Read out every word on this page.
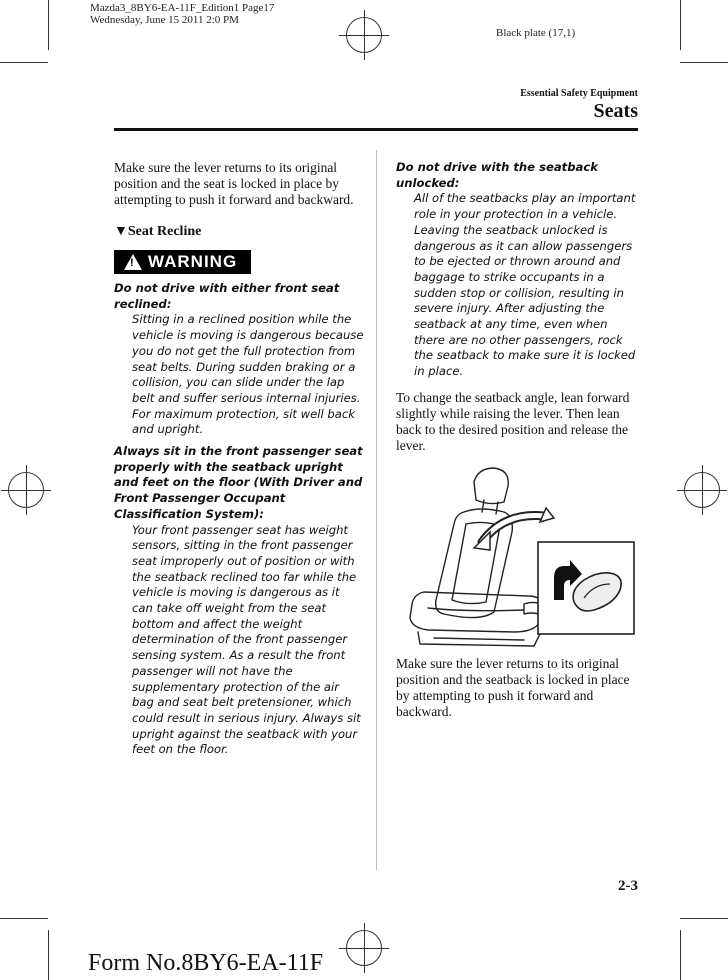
Mazda3_8BY6-EA-11F_Edition1 Page17
Wednesday, June 15 2011 2:0 PM
Black plate (17,1)
Essential Safety Equipment
Seats

Make sure the lever returns to its original position and the seat is locked in place by attempting to push it forward and backward.

▼Seat Recline
! WARNING

Do not drive with either front seat reclined:

Sitting in a reclined position while the vehicle is moving is dangerous because you do not get the full protection from seat belts. During sudden braking or a collision, you can slide under the lap belt and suffer serious internal injuries. For maximum protection, sit well back and upright.

Always sit in the front passenger seat properly with the seatback upright and feet on the floor (With Driver and Front Passenger Occupant Classification System):

Your front passenger seat has weight sensors, sitting in the front passenger seat improperly out of position or with the seatback reclined too far while the vehicle is moving is dangerous as it can take off weight from the seat bottom and affect the weight determination of the front passenger sensing system. As a result the front passenger will not have the supplementary protection of the air bag and seat belt pretensioner, which could result in serious injury. Always sit upright against the seatback with your feet on the floor.

Do not drive with the seatback unlocked:

All of the seatbacks play an important role in your protection in a vehicle. Leaving the seatback unlocked is dangerous as it can allow passengers to be ejected or thrown around and baggage to strike occupants in a sudden stop or collision, resulting in severe injury. After adjusting the seatback at any time, even when there are no other passengers, rock the seatback to make sure it is locked in place.

To change the seatback angle, lean forward slightly while raising the lever. Then lean back to the desired position and release the lever.

Make sure the lever returns to its original position and the seatback is locked in place by attempting to push it forward and backward.

2-3
Form No.8BY6-EA-11F
